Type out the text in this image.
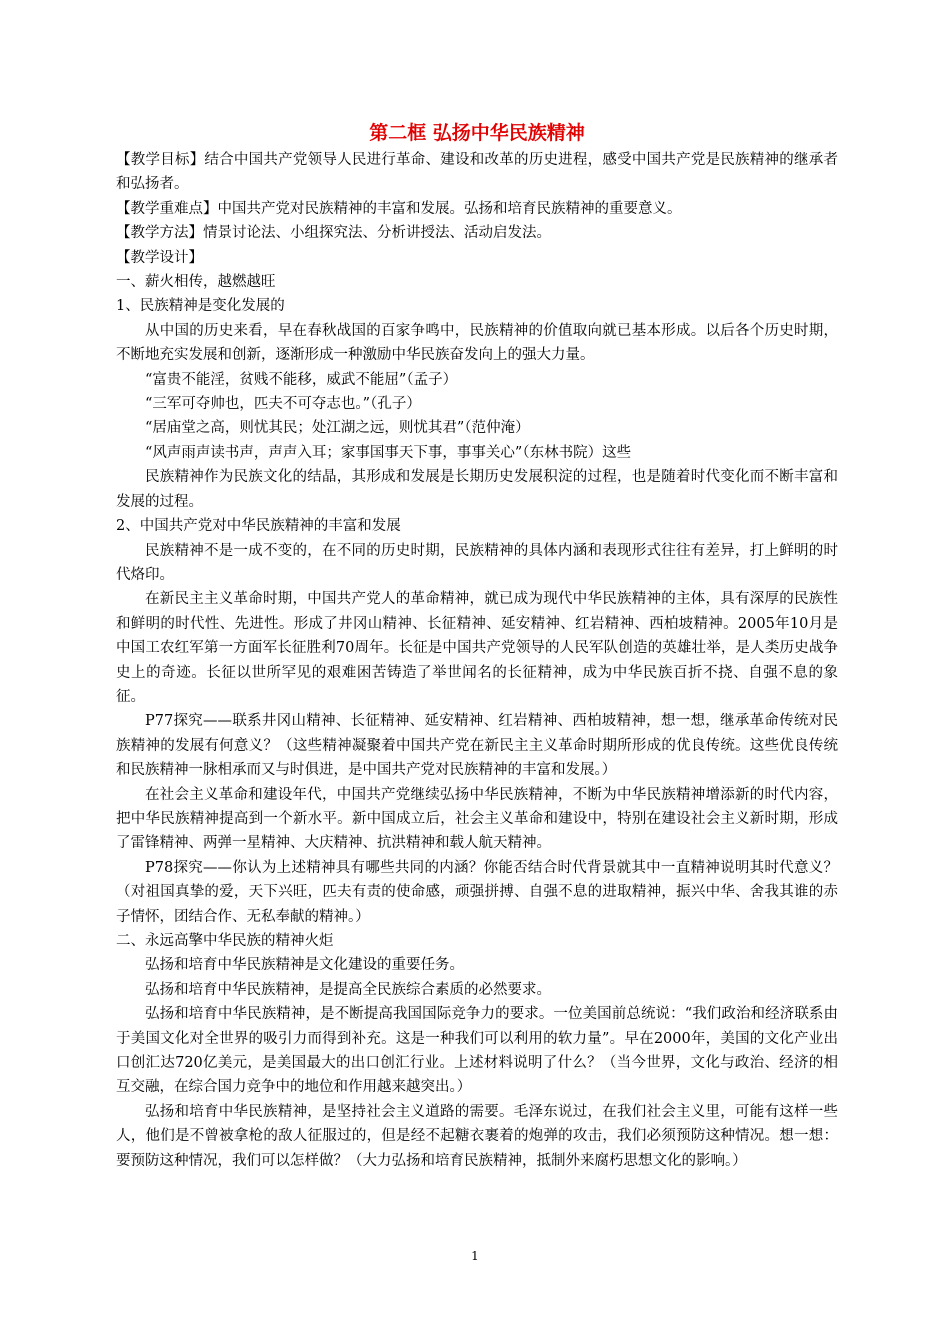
第二框 弘扬中华民族精神

【教学目标】结合中国共产党领导人民进行革命、建设和改革的历史进程，感受中国共产党是民族精神的继承者和弘扬者。

【教学重难点】中国共产党对民族精神的丰富和发展。弘扬和培育民族精神的重要意义。

【教学方法】情景讨论法、小组探究法、分析讲授法、活动启发法。

【教学设计】

一、薪火相传，越燃越旺

1、民族精神是变化发展的

从中国的历史来看，早在春秋战国的百家争鸣中，民族精神的价值取向就已基本形成。以后各个历史时期，不断地充实发展和创新，逐渐形成一种激励中华民族奋发向上的强大力量。

“富贵不能淫，贫贱不能移，威武不能屈”（孟子）

“三军可夺帅也，匹夫不可夺志也。”（孔子）

“居庙堂之高，则忧其民；处江湖之远，则忧其君”（范仲淹）

“风声雨声读书声，声声入耳；家事国事天下事，事事关心”（东林书院）这些

民族精神作为民族文化的结晶，其形成和发展是长期历史发展积淀的过程，也是随着时代变化而不断丰富和发展的过程。

2、中国共产党对中华民族精神的丰富和发展

民族精神不是一成不变的，在不同的历史时期，民族精神的具体内涵和表现形式往往有差异，打上鲜明的时代烙印。

在新民主主义革命时期，中国共产党人的革命精神，就已成为现代中华民族精神的主体，具有深厚的民族性和鲜明的时代性、先进性。形成了井冈山精神、长征精神、延安精神、红岩精神、西柏坡精神。2005年10月是中国工农红军第一方面军长征胜利70周年。长征是中国共产党领导的人民军队创造的英雄壮举，是人类历史战争史上的奇迹。长征以世所罕见的艰难困苦铸造了举世闻名的长征精神，成为中华民族百折不挠、自强不息的象征。

P77探究——联系井冈山精神、长征精神、延安精神、红岩精神、西柏坡精神，想一想，继承革命传统对民族精神的发展有何意义？（这些精神凝聚着中国共产党在新民主主义革命时期所形成的优良传统。这些优良传统和民族精神一脉相承而又与时俱进，是中国共产党对民族精神的丰富和发展。）

在社会主义革命和建设年代，中国共产党继续弘扬中华民族精神，不断为中华民族精神增添新的时代内容，把中华民族精神提高到一个新水平。新中国成立后，社会主义革命和建设中，特别在建设社会主义新时期，形成了雷锋精神、两弹一星精神、大庆精神、抗洪精神和载人航天精神。

P78探究——你认为上述精神具有哪些共同的内涵？你能否结合时代背景就其中一直精神说明其时代意义？（对祖国真挚的爱，天下兴旺，匹夫有责的使命感，顽强拼搏、自强不息的进取精神，振兴中华、舍我其谁的赤子情怀，团结合作、无私奉献的精神。）

二、永远高擎中华民族的精神火炬

弘扬和培育中华民族精神是文化建设的重要任务。

弘扬和培育中华民族精神，是提高全民族综合素质的必然要求。

弘扬和培育中华民族精神，是不断提高我国国际竞争力的要求。一位美国前总统说：“我们政治和经济联系由于美国文化对全世界的吸引力而得到补充。这是一种我们可以利用的软力量”。早在2000年，美国的文化产业出口创汇达720亿美元，是美国最大的出口创汇行业。上述材料说明了什么？（当今世界，文化与政治、经济的相互交融，在综合国力竞争中的地位和作用越来越突出。）

弘扬和培育中华民族精神，是坚持社会主义道路的需要。毛泽东说过，在我们社会主义里，可能有这样一些人，他们是不曾被拿枪的敌人征服过的，但是经不起糖衣裹着的炮弹的攻击，我们必须预防这种情况。想一想：要预防这种情况，我们可以怎样做？（大力弘扬和培育民族精神，抵制外来腐朽思想文化的影响。）

1
